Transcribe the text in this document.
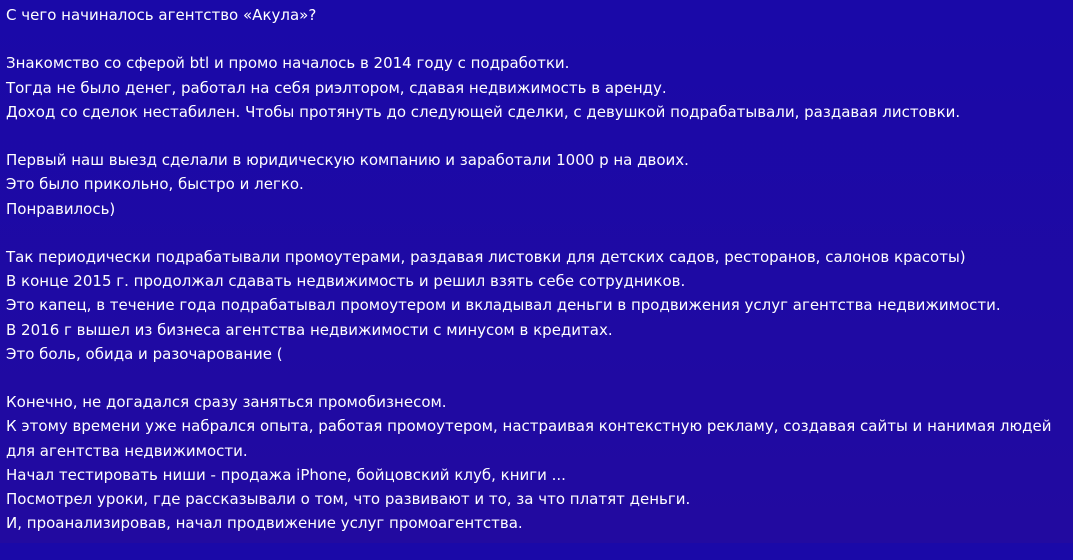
С чего начиналось агентство «Акула»?
Знакомство со сферой btl и промо началось в 2014 году с подработки.
Тогда не было денег, работал на себя риэлтором, сдавая недвижимость в аренду.
Доход со сделок нестабилен. Чтобы протянуть до следующей сделки, с девушкой подрабатывали, раздавая листовки.
Первый наш выезд сделали в юридическую компанию и заработали 1000 р на двоих.
Это было прикольно, быстро и легко.
Понравилось)
Так периодически подрабатывали промоутерами, раздавая листовки для детских садов, ресторанов, салонов красоты)
В конце 2015 г. продолжал сдавать недвижимость и решил взять себе сотрудников.
Это капец, в течение года подрабатывал промоутером и вкладывал деньги в продвижения услуг агентства недвижимости.
В 2016 г вышел из бизнеса агентства недвижимости с минусом в кредитах.
Это боль, обида и разочарование (
Конечно, не догадался сразу заняться промобизнесом.
К этому времени уже набрался опыта, работая промоутером, настраивая контекстную рекламу, создавая сайты и нанимая людей для агентства недвижимости.
Начал тестировать ниши - продажа iPhone, бойцовский клуб, книги ...
Посмотрел уроки, где рассказывали о том, что развивают и то, за что платят деньги.
И, проанализировав, начал продвижение услуг промоагентства.
